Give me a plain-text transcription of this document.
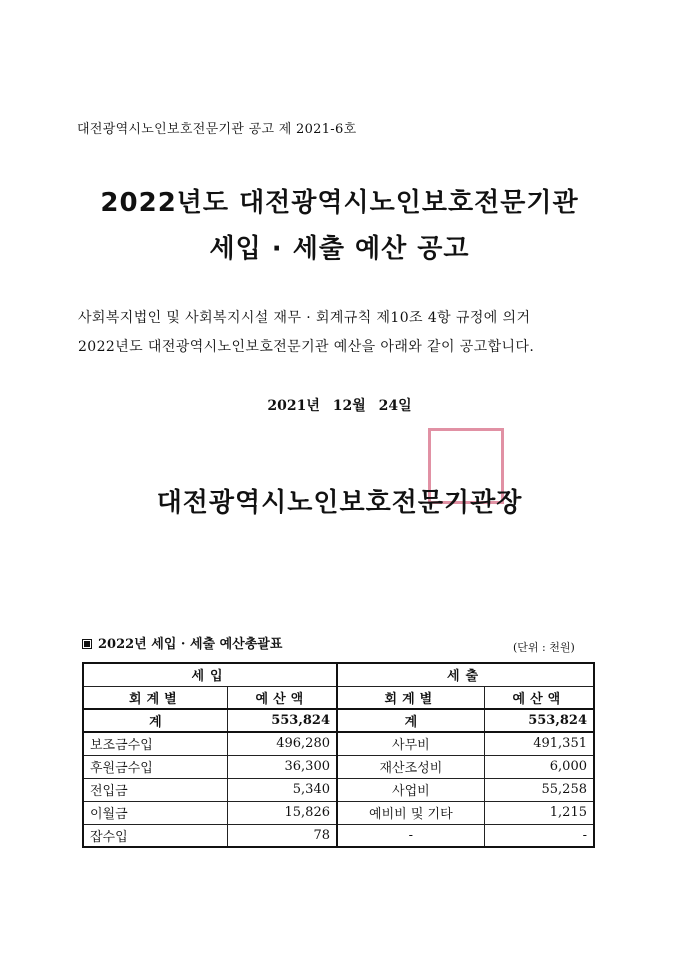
대전광역시노인보호전문기관 공고 제 2021-6호
2022년도 대전광역시노인보호전문기관
세입 · 세출 예산 공고
사회복지법인 및 사회복지시설 재무 · 회계규칙 제10조 4항 규정에 의거
2022년도 대전광역시노인보호전문기관 예산을 아래와 같이 공고합니다.
2021년 12월 24일
대전광역시노인보호전문기관장
2022년 세입 · 세출 예산총괄표	(단위 : 천원)
세입		세출	
회계별	예산액	회계별	예산액
계	553,824	계	553,824
보조금수입	496,280	사무비	491,351
후원금수입	36,300	재산조성비	6,000
전입금	5,340	사업비	55,258
이월금	15,826	예비비 및 기타	1,215
잡수입	78	-	-
